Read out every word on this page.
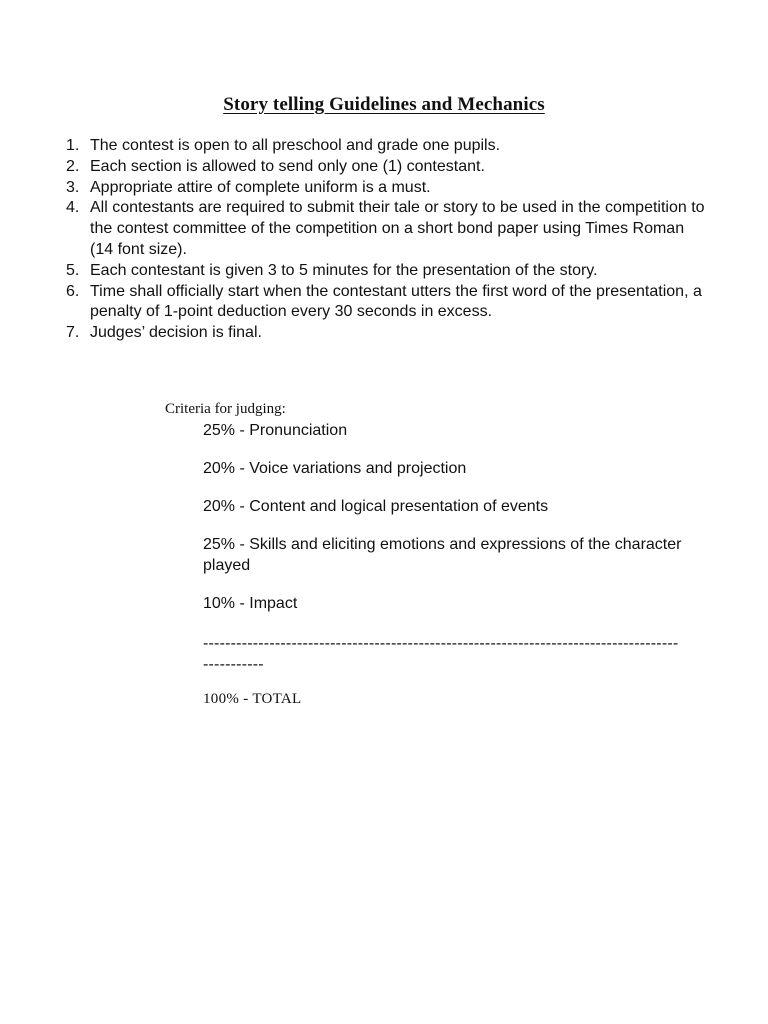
Story telling Guidelines and Mechanics
1. The contest is open to all preschool and grade one pupils.
2. Each section is allowed to send only one (1) contestant.
3. Appropriate attire of complete uniform is a must.
4. All contestants are required to submit their tale or story to be used in the competition to the contest committee of the competition on a short bond paper using Times Roman (14 font size).
5. Each contestant is given 3 to 5 minutes for the presentation of the story.
6. Time shall officially start when the contestant utters the first word of the presentation, a penalty of 1-point deduction every 30 seconds in excess.
7. Judges’ decision is final.
Criteria for judging:
25% - Pronunciation
20% - Voice variations and projection
20% - Content and logical presentation of events
25% - Skills and eliciting emotions and expressions of the character played
10% - Impact
-------------------------------------------------------------------------------------------------
100% - TOTAL
